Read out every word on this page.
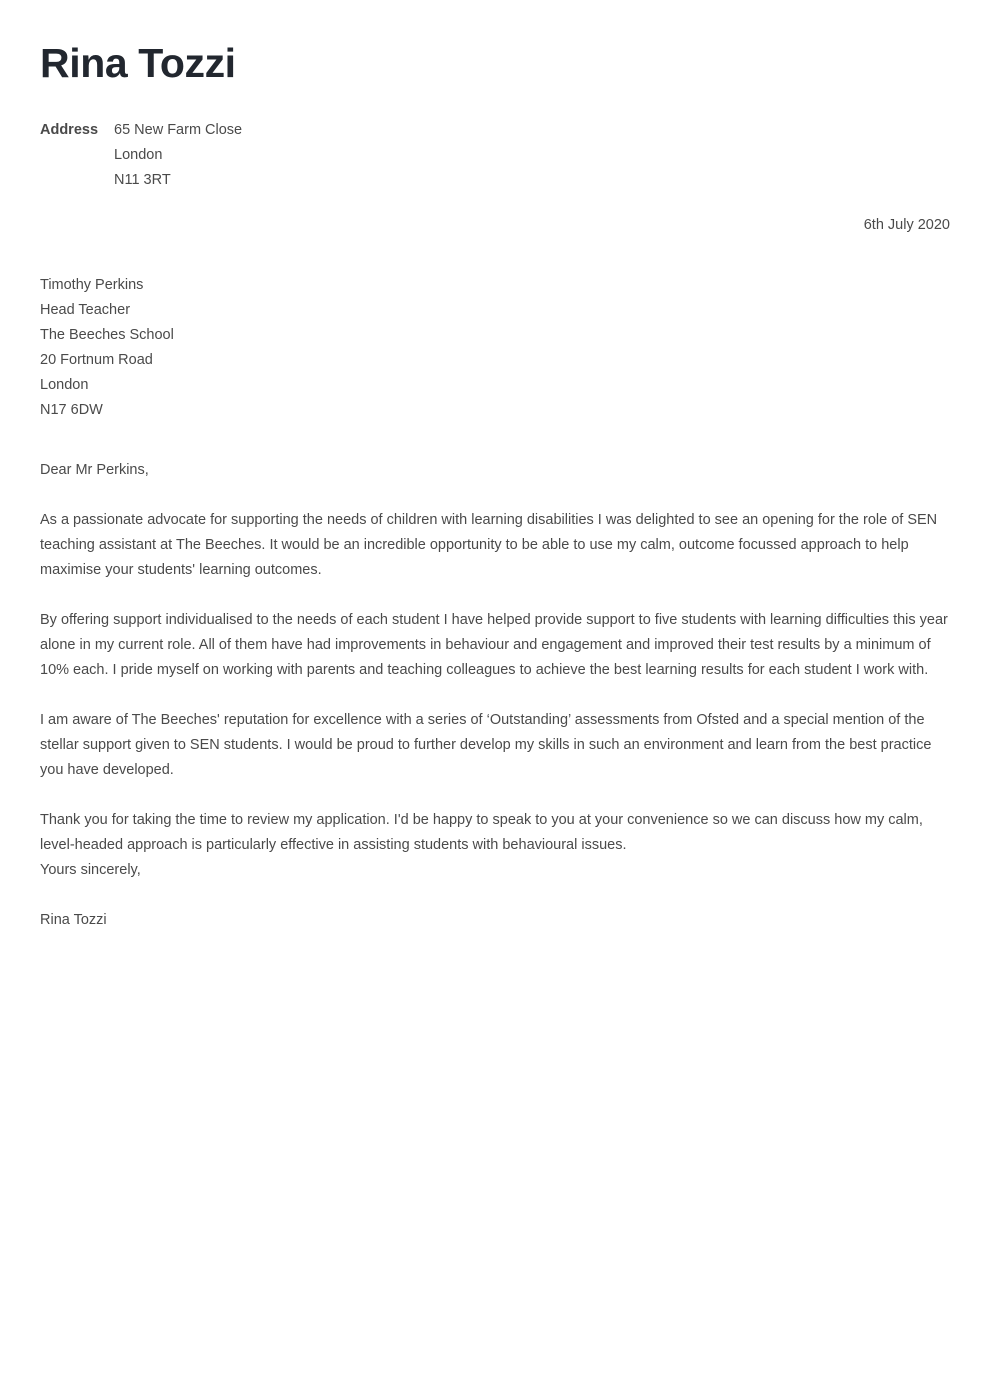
Rina Tozzi
Address	65 New Farm Close
	London
	N11 3RT
6th July 2020
Timothy Perkins
Head Teacher
The Beeches School
20 Fortnum Road
London
N17 6DW

Dear Mr Perkins,

As a passionate advocate for supporting the needs of children with learning disabilities I was delighted to see an opening for the role of SEN teaching assistant at The Beeches. It would be an incredible opportunity to be able to use my calm, outcome focussed approach to help maximise your students' learning outcomes.

By offering support individualised to the needs of each student I have helped provide support to five students with learning difficulties this year alone in my current role. All of them have had improvements in behaviour and engagement and improved their test results by a minimum of 10% each. I pride myself on working with parents and teaching colleagues to achieve the best learning results for each student I work with.

I am aware of The Beeches' reputation for excellence with a series of ‘Outstanding’ assessments from Ofsted and a special mention of the stellar support given to SEN students. I would be proud to further develop my skills in such an environment and learn from the best practice you have developed.

Thank you for taking the time to review my application. I'd be happy to speak to you at your convenience so we can discuss how my calm, level-headed approach is particularly effective in assisting students with behavioural issues.

Yours sincerely,

Rina Tozzi
